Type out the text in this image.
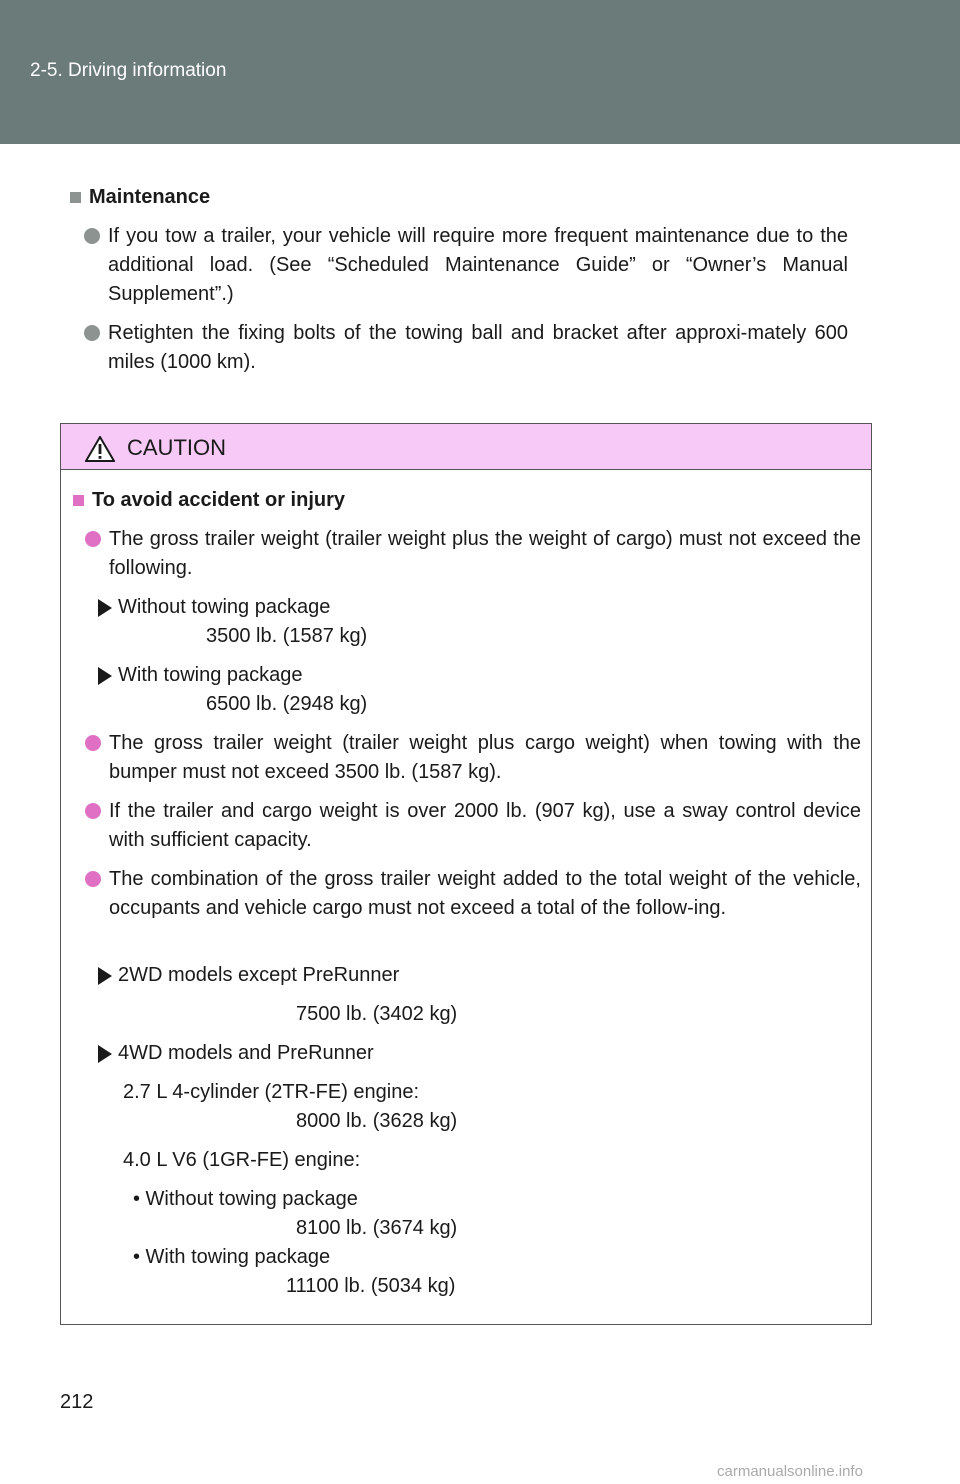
2-5. Driving information
Maintenance
If you tow a trailer, your vehicle will require more frequent maintenance due to the additional load. (See “Scheduled Maintenance Guide” or “Owner’s Manual Supplement”.)
Retighten the fixing bolts of the towing ball and bracket after approxi-mately 600 miles (1000 km).
CAUTION
To avoid accident or injury
The gross trailer weight (trailer weight plus the weight of cargo) must not exceed the following.
Without towing package
3500 lb. (1587 kg)
With towing package
6500 lb. (2948 kg)
The gross trailer weight (trailer weight plus cargo weight) when towing with the bumper must not exceed 3500 lb. (1587 kg).
If the trailer and cargo weight is over 2000 lb. (907 kg), use a sway control device with sufficient capacity.
The combination of the gross trailer weight added to the total weight of the vehicle, occupants and vehicle cargo must not exceed a total of the follow-ing.
2WD models except PreRunner
7500 lb. (3402 kg)
4WD models and PreRunner
2.7 L 4-cylinder (2TR-FE) engine:
8000 lb. (3628 kg)
4.0 L V6 (1GR-FE) engine:
• Without towing package
8100 lb. (3674 kg)
• With towing package
11100 lb. (5034 kg)
212
carmanualsonline.info
